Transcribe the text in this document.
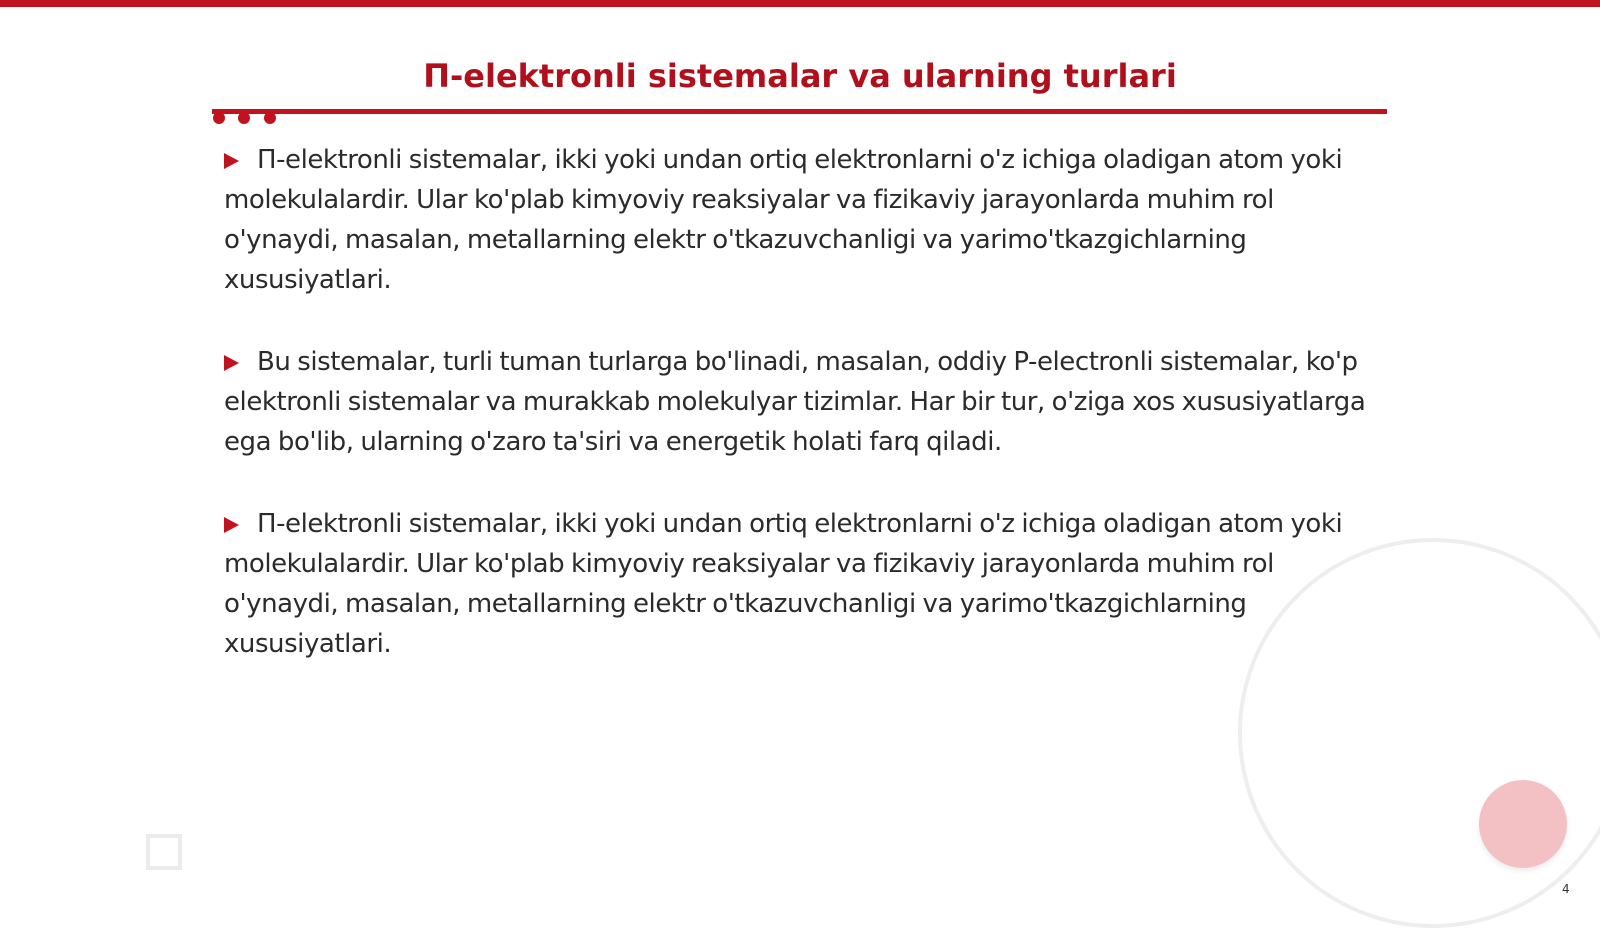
П-elektronli sistemalar va ularning turlari
П-elektronli sistemalar, ikki yoki undan ortiq elektronlarni o'z ichiga oladigan atom yoki molekulalardir. Ular ko'plab kimyoviy reaksiyalar va fizikaviy jarayonlarda muhim rol o'ynaydi, masalan, metallarning elektr o'tkazuvchanligi va yarimo'tkazgichlarning xususiyatlari.
Bu sistemalar, turli tuman turlarga bo'linadi, masalan, oddiy P-electronli sistemalar, ko'p elektronli sistemalar va murakkab molekulyar tizimlar. Har bir tur, o'ziga xos xususiyatlarga ega bo'lib, ularning o'zaro ta'siri va energetik holati farq qiladi.
П-elektronli sistemalar, ikki yoki undan ortiq elektronlarni o'z ichiga oladigan atom yoki molekulalardir. Ular ko'plab kimyoviy reaksiyalar va fizikaviy jarayonlarda muhim rol o'ynaydi, masalan, metallarning elektr o'tkazuvchanligi va yarimo'tkazgichlarning xususiyatlari.
4
